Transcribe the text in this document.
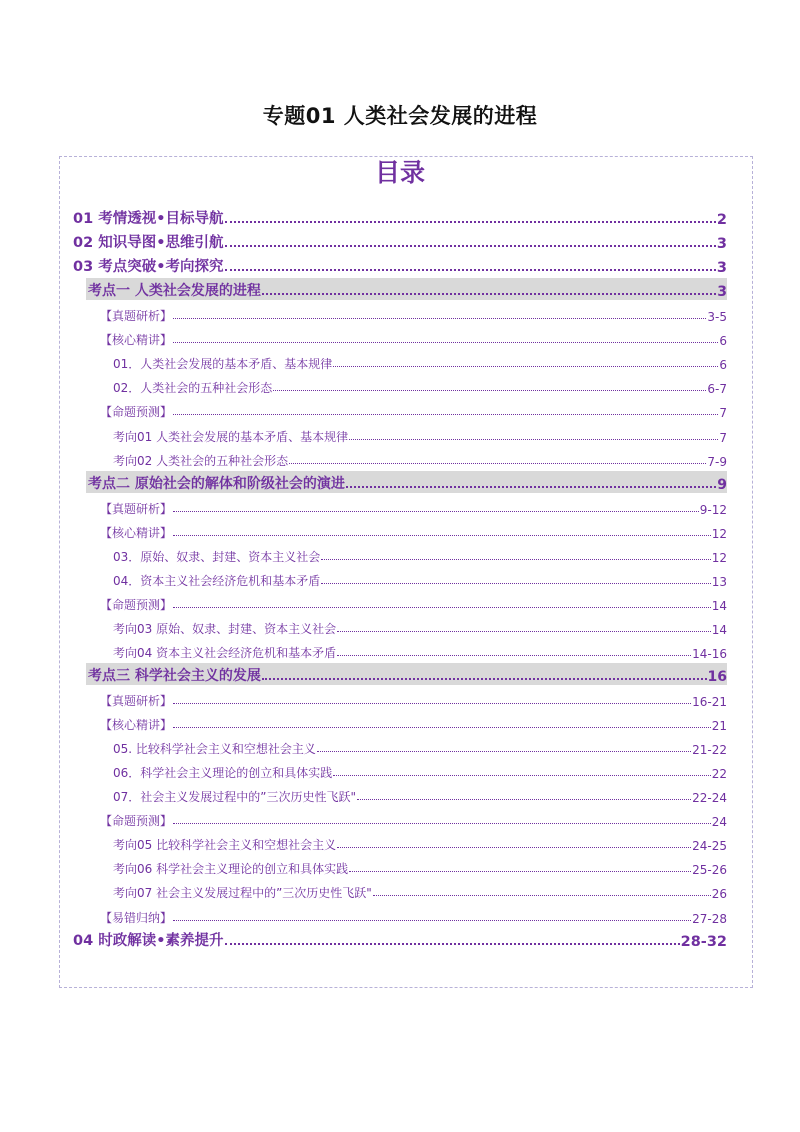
专题01 人类社会发展的进程
目录
01 考情透视•目标导航	2
02 知识导图•思维引航	3
03 考点突破•考向探究	3
考点一 人类社会发展的进程	3
【真题研析】	3-5
【核心精讲】	6
01．人类社会发展的基本矛盾、基本规律	6
02．人类社会的五种社会形态	6-7
【命题预测】	7
考向01 人类社会发展的基本矛盾、基本规律	7
考向02 人类社会的五种社会形态	7-9
考点二 原始社会的解体和阶级社会的演进	9
【真题研析】	9-12
【核心精讲】	12
03．原始、奴隶、封建、资本主义社会	12
04．资本主义社会经济危机和基本矛盾	13
【命题预测】	14
考向03 原始、奴隶、封建、资本主义社会	14
考向04 资本主义社会经济危机和基本矛盾	14-16
考点三 科学社会主义的发展	16
【真题研析】	16-21
【核心精讲】	21
05. 比较科学社会主义和空想社会主义	21-22
06．科学社会主义理论的创立和具体实践	22
07．社会主义发展过程中的”三次历史性飞跃"	22-24
【命题预测】	24
考向05 比较科学社会主义和空想社会主义	24-25
考向06 科学社会主义理论的创立和具体实践	25-26
考向07 社会主义发展过程中的”三次历史性飞跃"	26
【易错归纳】	27-28
04 时政解读•素养提升	28-32
